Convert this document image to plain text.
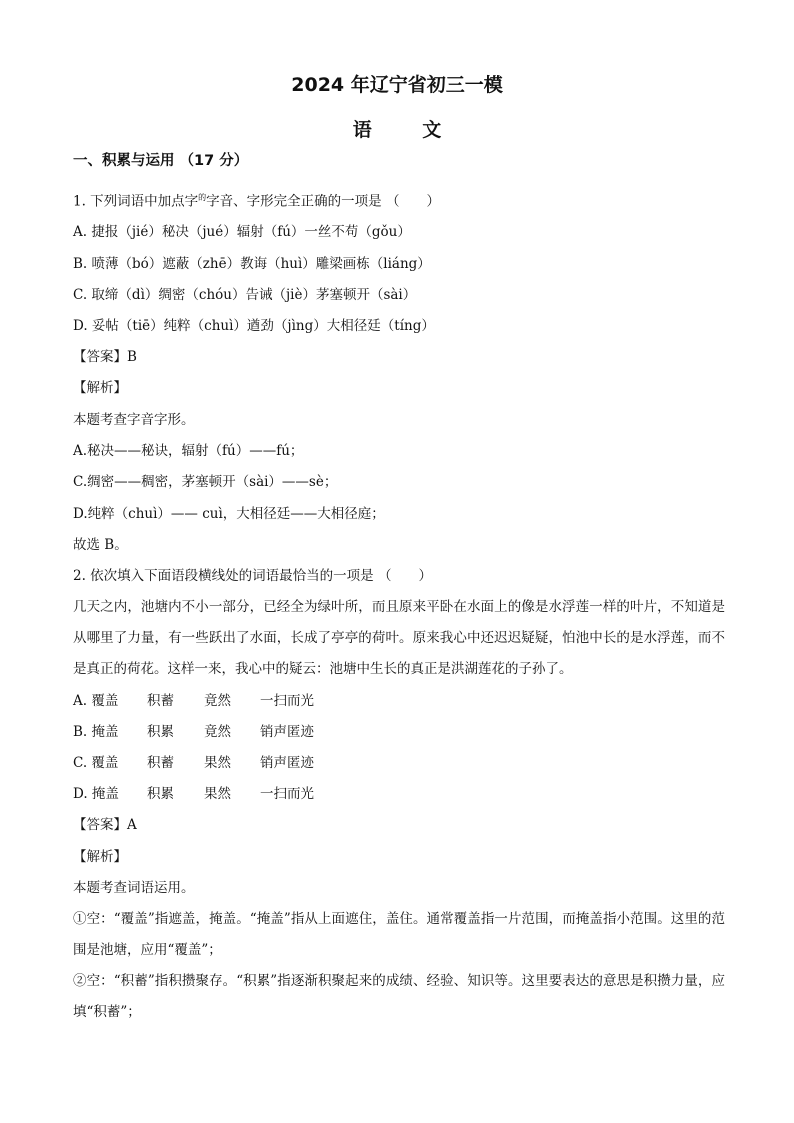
2024 年辽宁省初三一模
语 文
一、积累与运用 （17 分）
1. 下列词语中加点字$^的$字音、字形完全正确的一项是 （　　）
A. 捷报（jié）秘决（jué）辐射（fú）一丝不苟（gǒu）
B. 喷薄（bó）遮蔽（zhē）教诲（huì）雕梁画栋（liáng）
C. 取缔（dì）绸密（chóu）告诫（jiè）茅塞顿开（sài）
D. 妥帖（tiē）纯粹（chuì）遒劲（jìng）大相径廷（tíng）
【答案】B
【解析】
本题考查字音字形。
A.秘决——秘诀，辐射（fú）——fú；
C.绸密——稠密，茅塞顿开（sài）——sè；
D.纯粹（chuì）—— cuì，大相径廷——大相径庭；
故选 B。
2. 依次填入下面语段横线处的词语最恰当的一项是 （　　）
几天之内，池塘内不小一部分，已经全为绿叶所，而且原来平卧在水面上的像是水浮莲一样的叶片，不知道是从哪里了力量，有一些跃出了水面，长成了亭亭的荷叶。原来我心中还迟迟疑疑，怕池中长的是水浮莲，而不是真正的荷花。这样一来，我心中的疑云：池塘中生长的真正是洪湖莲花的子孙了。
A. 覆盖 积蓄 竟然 一扫而光
B. 掩盖 积累 竟然 销声匿迹
C. 覆盖 积蓄 果然 销声匿迹
D. 掩盖 积累 果然 一扫而光
【答案】A
【解析】
本题考查词语运用。
①空：“覆盖”指遮盖，掩盖。“掩盖”指从上面遮住，盖住。通常覆盖指一片范围，而掩盖指小范围。这里的范围是池塘，应用“覆盖”；
②空：“积蓄”指积攒聚存。“积累”指逐渐积聚起来的成绩、经验、知识等。这里要表达的意思是积攒力量，应填“积蓄”；
